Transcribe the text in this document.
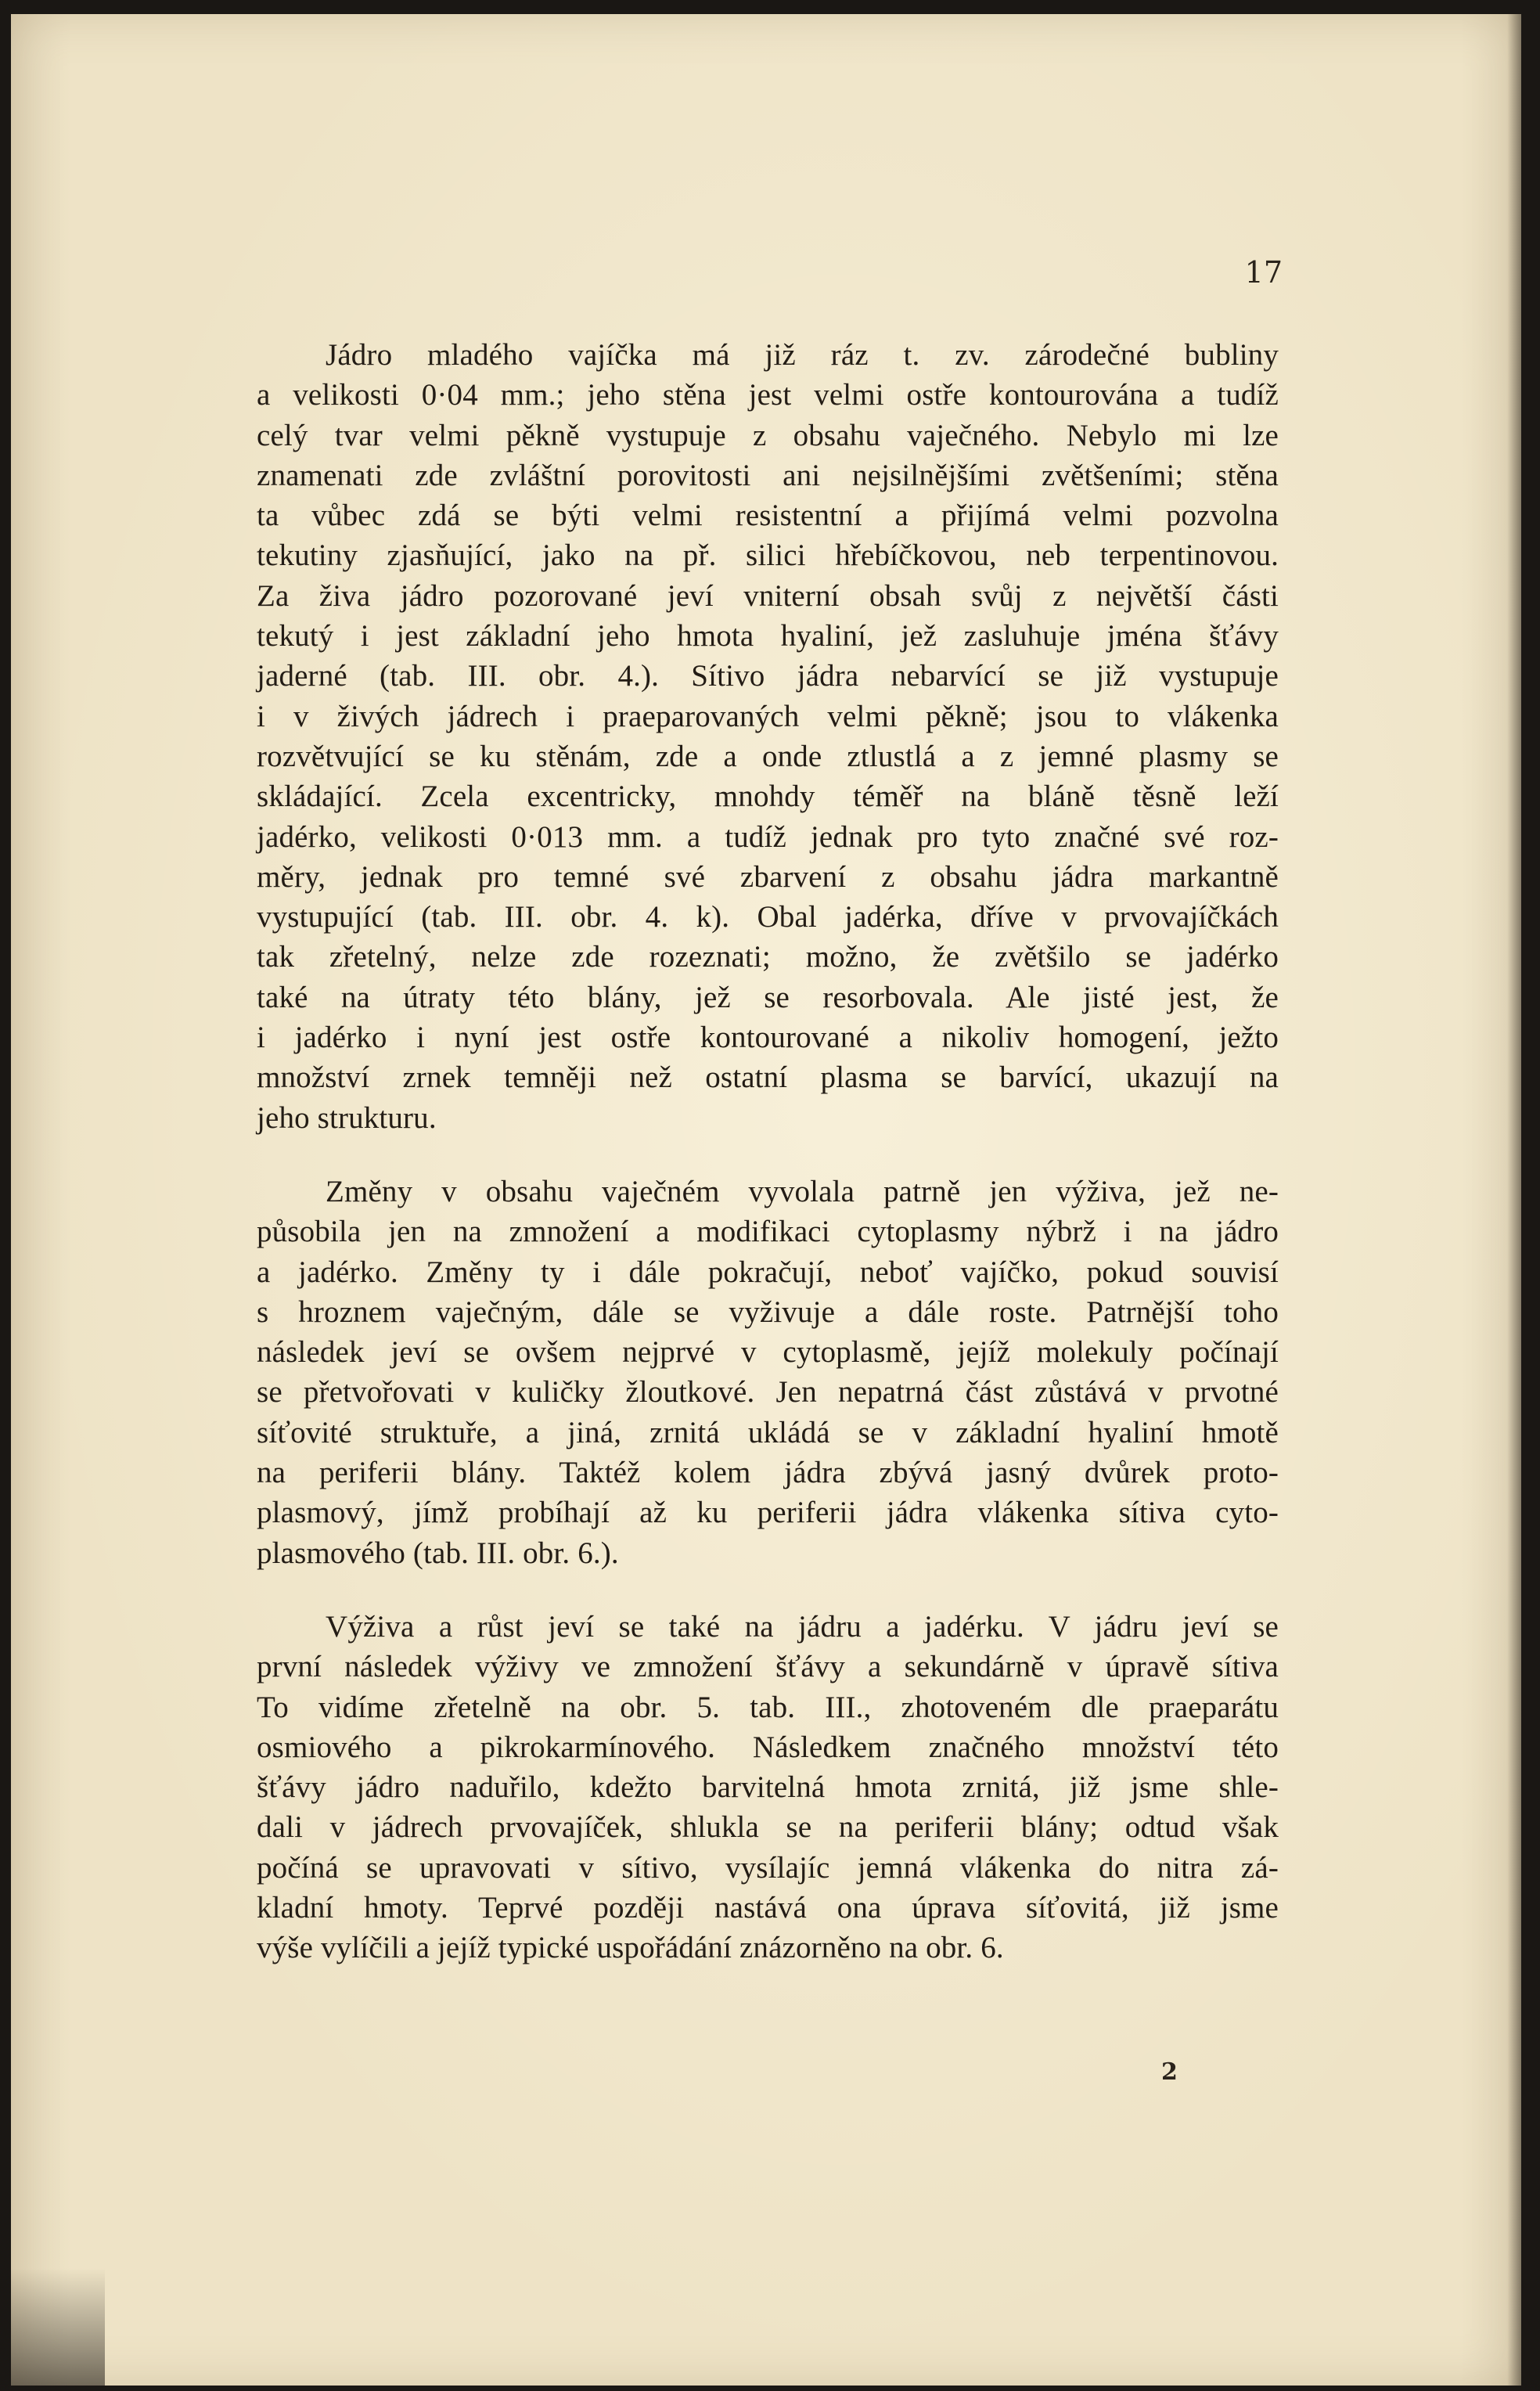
17

Jádro mladého vajíčka má již ráz t. zv. zárodečné bubliny
a velikosti 0·04 mm.; jeho stěna jest velmi ostře kontourována a tudíž
celý tvar velmi pěkně vystupuje z obsahu vaječného. Nebylo mi lze
znamenati zde zvláštní porovitosti ani nejsilnějšími zvětšeními; stěna
ta vůbec zdá se býti velmi resistentní a přijímá velmi pozvolna
tekutiny zjasňující, jako na př. silici hřebíčkovou, neb terpentinovou.
Za živa jádro pozorované jeví vniterní obsah svůj z největší části
tekutý i jest základní jeho hmota hyaliní, jež zasluhuje jména šťávy
jaderné (tab. III. obr. 4.). Sítivo jádra nebarvící se již vystupuje
i v živých jádrech i praeparovaných velmi pěkně; jsou to vlákenka
rozvětvující se ku stěnám, zde a onde ztlustlá a z jemné plasmy se
skládající. Zcela excentricky, mnohdy téměř na bláně těsně leží
jadérko, velikosti 0·013 mm. a tudíž jednak pro tyto značné své roz-
měry, jednak pro temné své zbarvení z obsahu jádra markantně
vystupující (tab. III. obr. 4. k). Obal jadérka, dříve v prvovajíčkách
tak zřetelný, nelze zde rozeznati; možno, že zvětšilo se jadérko
také na útraty této blány, jež se resorbovala. Ale jisté jest, že
i jadérko i nyní jest ostře kontourované a nikoliv homogení, ježto
množství zrnek temněji než ostatní plasma se barvící, ukazují na
jeho strukturu.

Změny v obsahu vaječném vyvolala patrně jen výživa, jež ne-
působila jen na zmnožení a modifikaci cytoplasmy nýbrž i na jádro
a jadérko. Změny ty i dále pokračují, neboť vajíčko, pokud souvisí
s hroznem vaječným, dále se vyživuje a dále roste. Patrnější toho
následek jeví se ovšem nejprvé v cytoplasmě, jejíž molekuly počínají
se přetvořovati v kuličky žloutkové. Jen nepatrná část zůstává v prvotné
síťovité struktuře, a jiná, zrnitá ukládá se v základní hyaliní hmotě
na periferii blány. Taktéž kolem jádra zbývá jasný dvůrek proto-
plasmový, jímž probíhají až ku periferii jádra vlákenka sítiva cyto-
plasmového (tab. III. obr. 6.).

Výživa a růst jeví se také na jádru a jadérku. V jádru jeví se
první následek výživy ve zmnožení šťávy a sekundárně v úpravě sítiva
To vidíme zřetelně na obr. 5. tab. III., zhotoveném dle praeparátu
osmiového a pikrokarmínového. Následkem značného množství této
šťávy jádro naduřilo, kdežto barvitelná hmota zrnitá, již jsme shle-
dali v jádrech prvovajíček, shlukla se na periferii blány; odtud však
počíná se upravovati v sítivo, vysílajíc jemná vlákenka do nitra zá-
kladní hmoty. Teprvé později nastává ona úprava síťovitá, již jsme
výše vylíčili a jejíž typické uspořádání znázorněno na obr. 6.

2
